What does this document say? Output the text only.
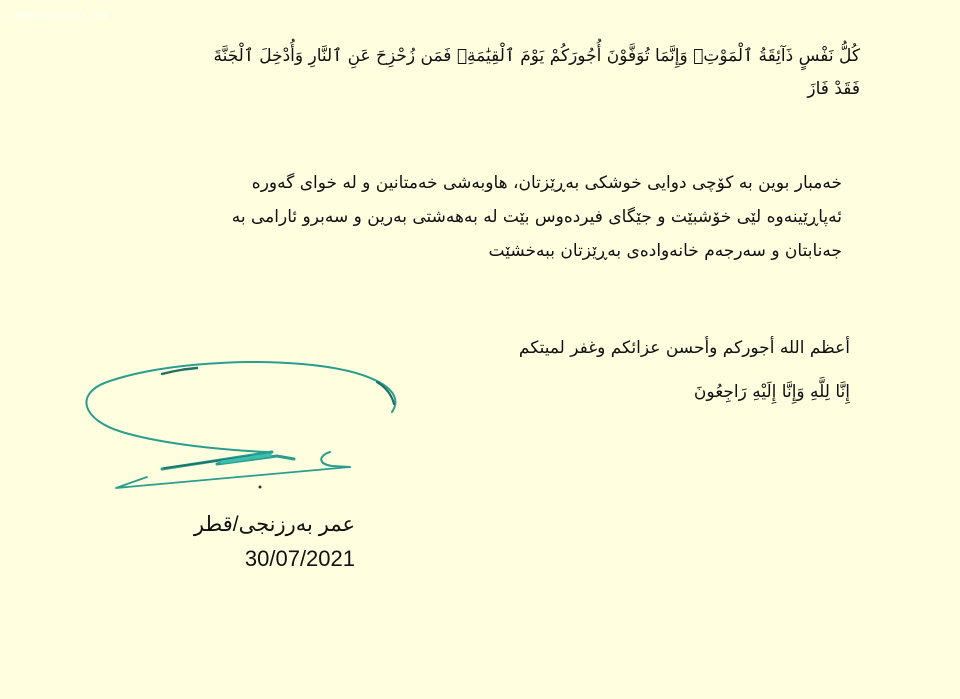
www.xxxxxxxx.net
كُلُّ نَفْسٍ ذَآئِقَةُ ٱلْمَوْتِۗ وَإِنَّمَا تُوَفَّوْنَ أُجُورَكُمْ يَوْمَ ٱلْقِيَٰمَةِۖ فَمَن زُحْزِحَ عَنِ ٱلنَّارِ وَأُدْخِلَ ٱلْجَنَّةَ
فَقَدْ فَازَ
خەمبار بوین بە کۆچی دوایی خوشکی بەڕێزتان، هاوبەشی خەمتانین و لە خوای گەورە
ئەپاڕێینەوە لێی خۆشبێت و جێگای فیردەوس بێت لە بەهەشتی بەرین و سەبرو ئارامی بە
جەنابتان و سەرجەم خانەوادەی بەڕێزتان ببەخشێت
أعظم الله أجوركم وأحسن عزائكم وغفر لميتكم
إِنَّا لِلَّهِ وَإِنَّا إِلَيْهِ رَاجِعُونَ
عمر بەرزنجی/قطر
30/07/2021
